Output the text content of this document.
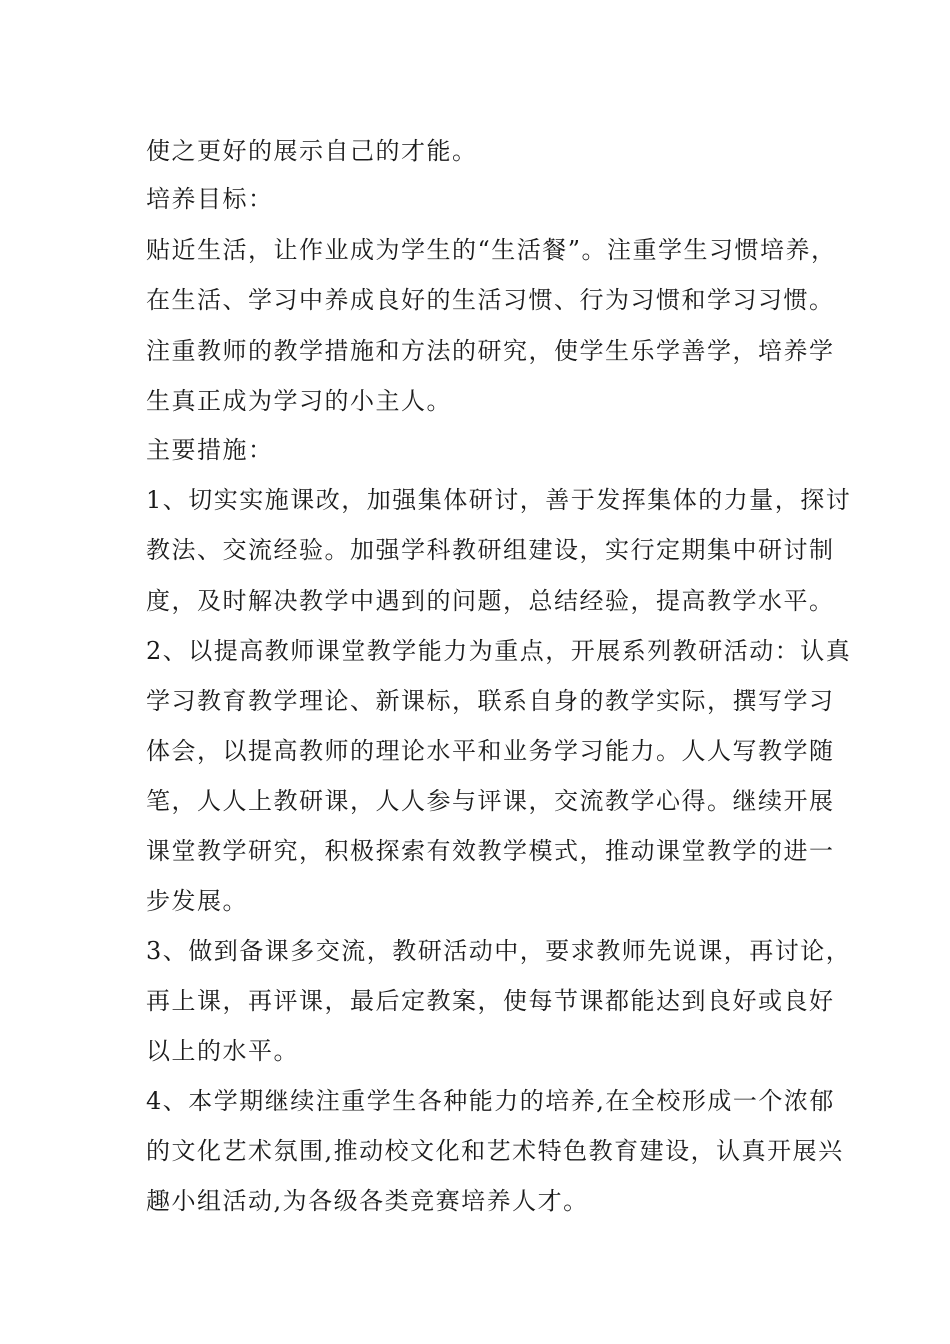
使之更好的展示自己的才能。
培养目标：
贴近生活，让作业成为学生的“生活餐”。注重学生习惯培养，
在生活、学习中养成良好的生活习惯、行为习惯和学习习惯。
注重教师的教学措施和方法的研究，使学生乐学善学，培养学
生真正成为学习的小主人。
主要措施：
1、切实实施课改，加强集体研讨，善于发挥集体的力量，探讨
教法、交流经验。加强学科教研组建设，实行定期集中研讨制
度，及时解决教学中遇到的问题，总结经验，提高教学水平。
2、以提高教师课堂教学能力为重点，开展系列教研活动：认真
学习教育教学理论、新课标，联系自身的教学实际，撰写学习
体会，以提高教师的理论水平和业务学习能力。人人写教学随
笔，人人上教研课，人人参与评课，交流教学心得。继续开展
课堂教学研究，积极探索有效教学模式，推动课堂教学的进一
步发展。
3、做到备课多交流，教研活动中，要求教师先说课，再讨论，
再上课，再评课，最后定教案，使每节课都能达到良好或良好
以上的水平。
4、本学期继续注重学生各种能力的培养,在全校形成一个浓郁
的文化艺术氛围,推动校文化和艺术特色教育建设，认真开展兴
趣小组活动,为各级各类竞赛培养人才。
